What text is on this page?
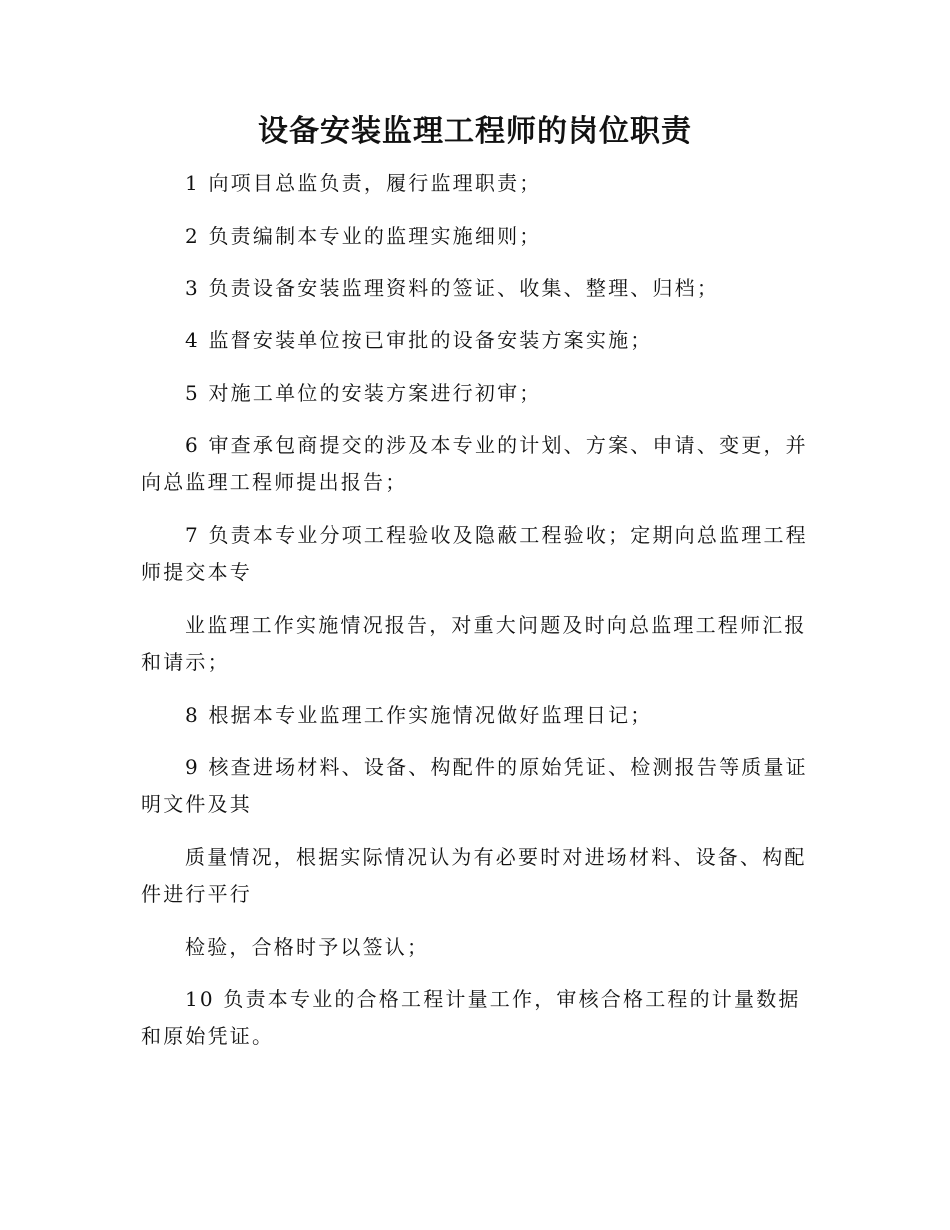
设备安装监理工程师的岗位职责

1 向项目总监负责，履行监理职责；

2 负责编制本专业的监理实施细则；

3 负责设备安装监理资料的签证、收集、整理、归档；

4 监督安装单位按已审批的设备安装方案实施；

5 对施工单位的安装方案进行初审；

6 审查承包商提交的涉及本专业的计划、方案、申请、变更，并向总监理工程师提出报告；

7 负责本专业分项工程验收及隐蔽工程验收；定期向总监理工程师提交本专

业监理工作实施情况报告，对重大问题及时向总监理工程师汇报和请示；

8 根据本专业监理工作实施情况做好监理日记；

9 核查进场材料、设备、构配件的原始凭证、检测报告等质量证明文件及其

质量情况，根据实际情况认为有必要时对进场材料、设备、构配件进行平行

检验，合格时予以签认；

10 负责本专业的合格工程计量工作，审核合格工程的计量数据和原始凭证。
